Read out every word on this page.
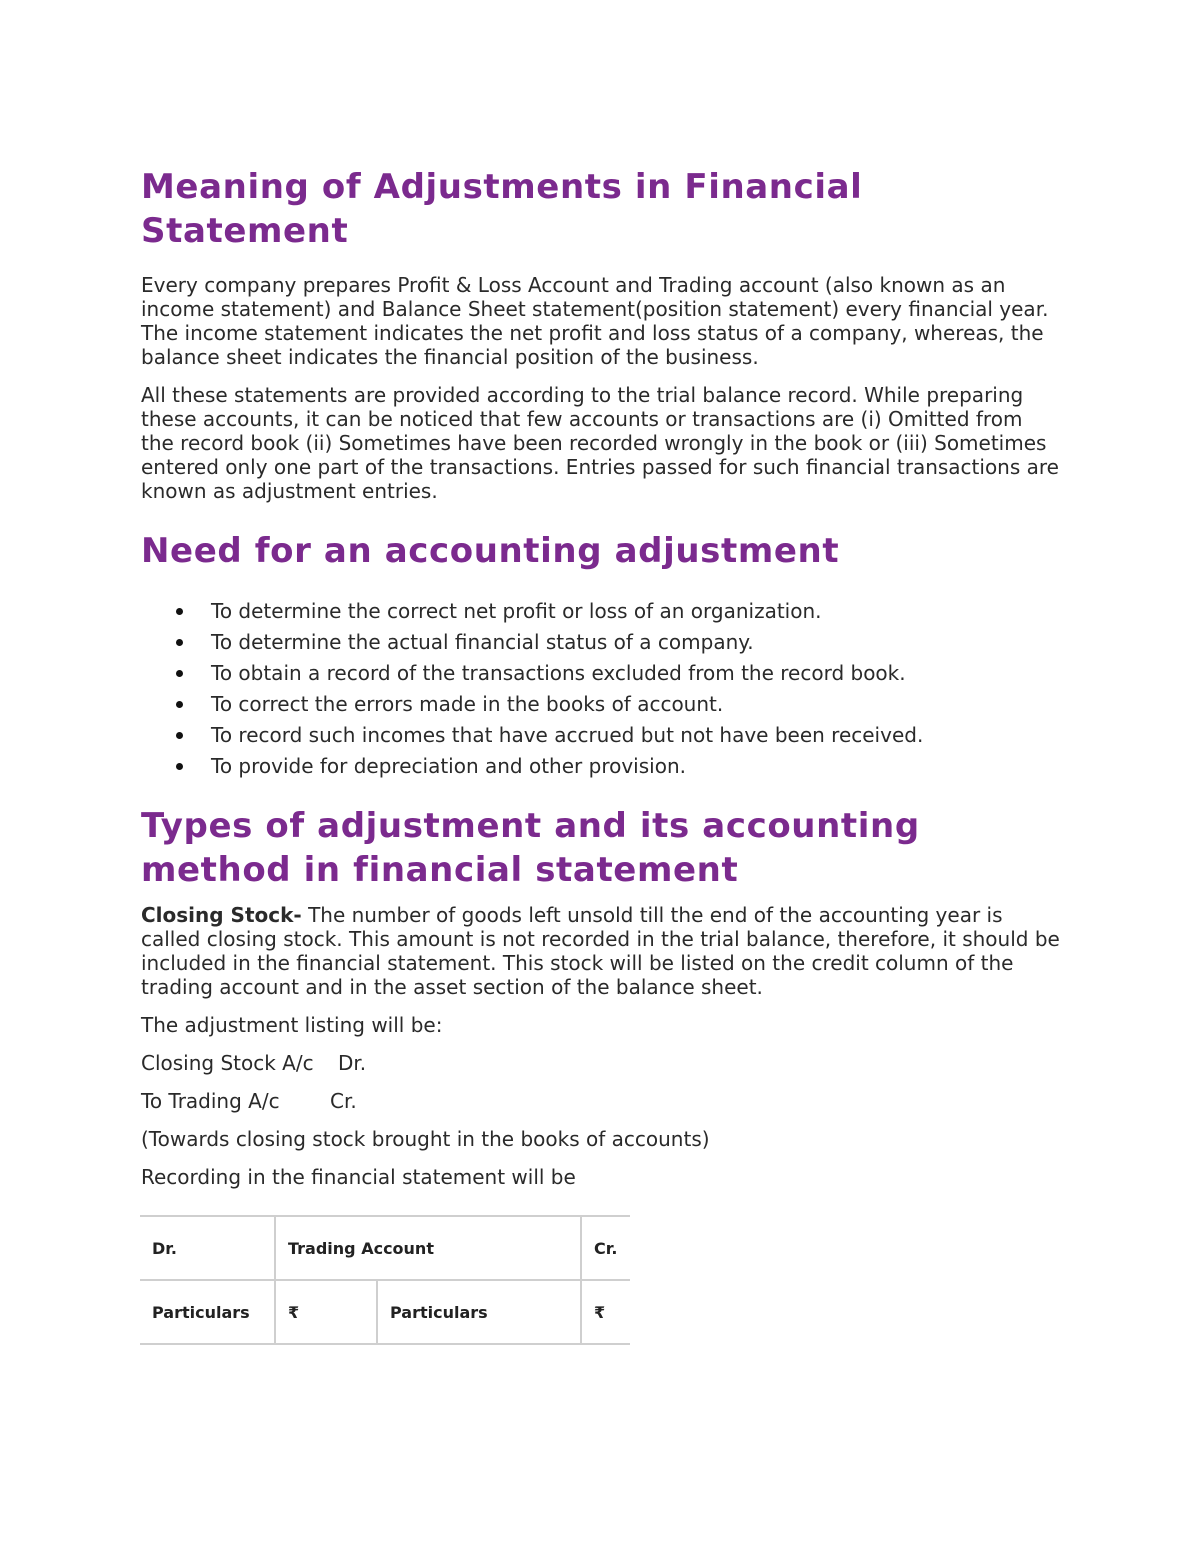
Meaning of Adjustments in Financial
Statement

Every company prepares Profit & Loss Account and Trading account (also known as an income statement) and Balance Sheet statement(position statement) every financial year. The income statement indicates the net profit and loss status of a company, whereas, the balance sheet indicates the financial position of the business.

All these statements are provided according to the trial balance record. While preparing these accounts, it can be noticed that few accounts or transactions are (i) Omitted from the record book (ii) Sometimes have been recorded wrongly in the book or (iii) Sometimes entered only one part of the transactions. Entries passed for such financial transactions are known as adjustment entries.

Need for an accounting adjustment
To determine the correct net profit or loss of an organization.
To determine the actual financial status of a company.
To obtain a record of the transactions excluded from the record book.
To correct the errors made in the books of account.
To record such incomes that have accrued but not have been received.
To provide for depreciation and other provision.
Types of adjustment and its accounting
method in financial statement

Closing Stock- The number of goods left unsold till the end of the accounting year is called closing stock. This amount is not recorded in the trial balance, therefore, it should be included in the financial statement. This stock will be listed on the credit column of the trading account and in the asset section of the balance sheet.

The adjustment listing will be:

Closing Stock A/c Dr.

To Trading A/c	Cr.

(Towards closing stock brought in the books of accounts)

Recording in the financial statement will be

Dr.	Trading Account		Cr.
Particulars	₹	Particulars	₹
